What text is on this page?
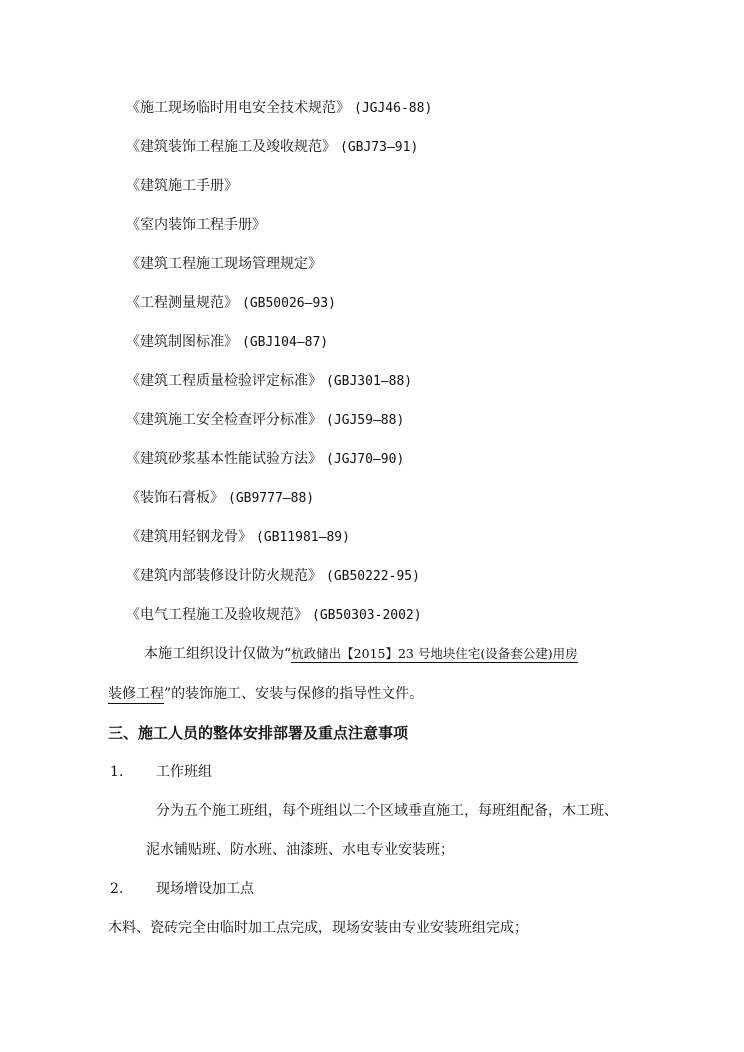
《施工现场临时用电安全技术规范》 (JGJ46-88)
《建筑装饰工程施工及竣收规范》 (GBJ73—91)
《建筑施工手册》
《室内装饰工程手册》
《建筑工程施工现场管理规定》
《工程测量规范》 (GB50026—93)
《建筑制图标准》 (GBJ104—87)
《建筑工程质量检验评定标准》 (GBJ301—88)
《建筑施工安全检查评分标准》 (JGJ59—88)
《建筑砂浆基本性能试验方法》 (JGJ70—90)
《装饰石膏板》 (GB9777—88)
《建筑用轻钢龙骨》 (GB11981—89)
《建筑内部装修设计防火规范》 (GB50222-95)
《电气工程施工及验收规范》 (GB50303-2002)
本施工组织设计仅做为“杭政储出【2015】23 号地块住宅(设备套公建)用房
装修工程”的装饰施工、安装与保修的指导性文件。
三、施工人员的整体安排部署及重点注意事项
1. 工作班组
分为五个施工班组，每个班组以二个区域垂直施工，每班组配备，木工班、
泥水铺贴班、防水班、油漆班、水电专业安装班；
2. 现场增设加工点
木料、瓷砖完全由临时加工点完成，现场安装由专业安装班组完成；
